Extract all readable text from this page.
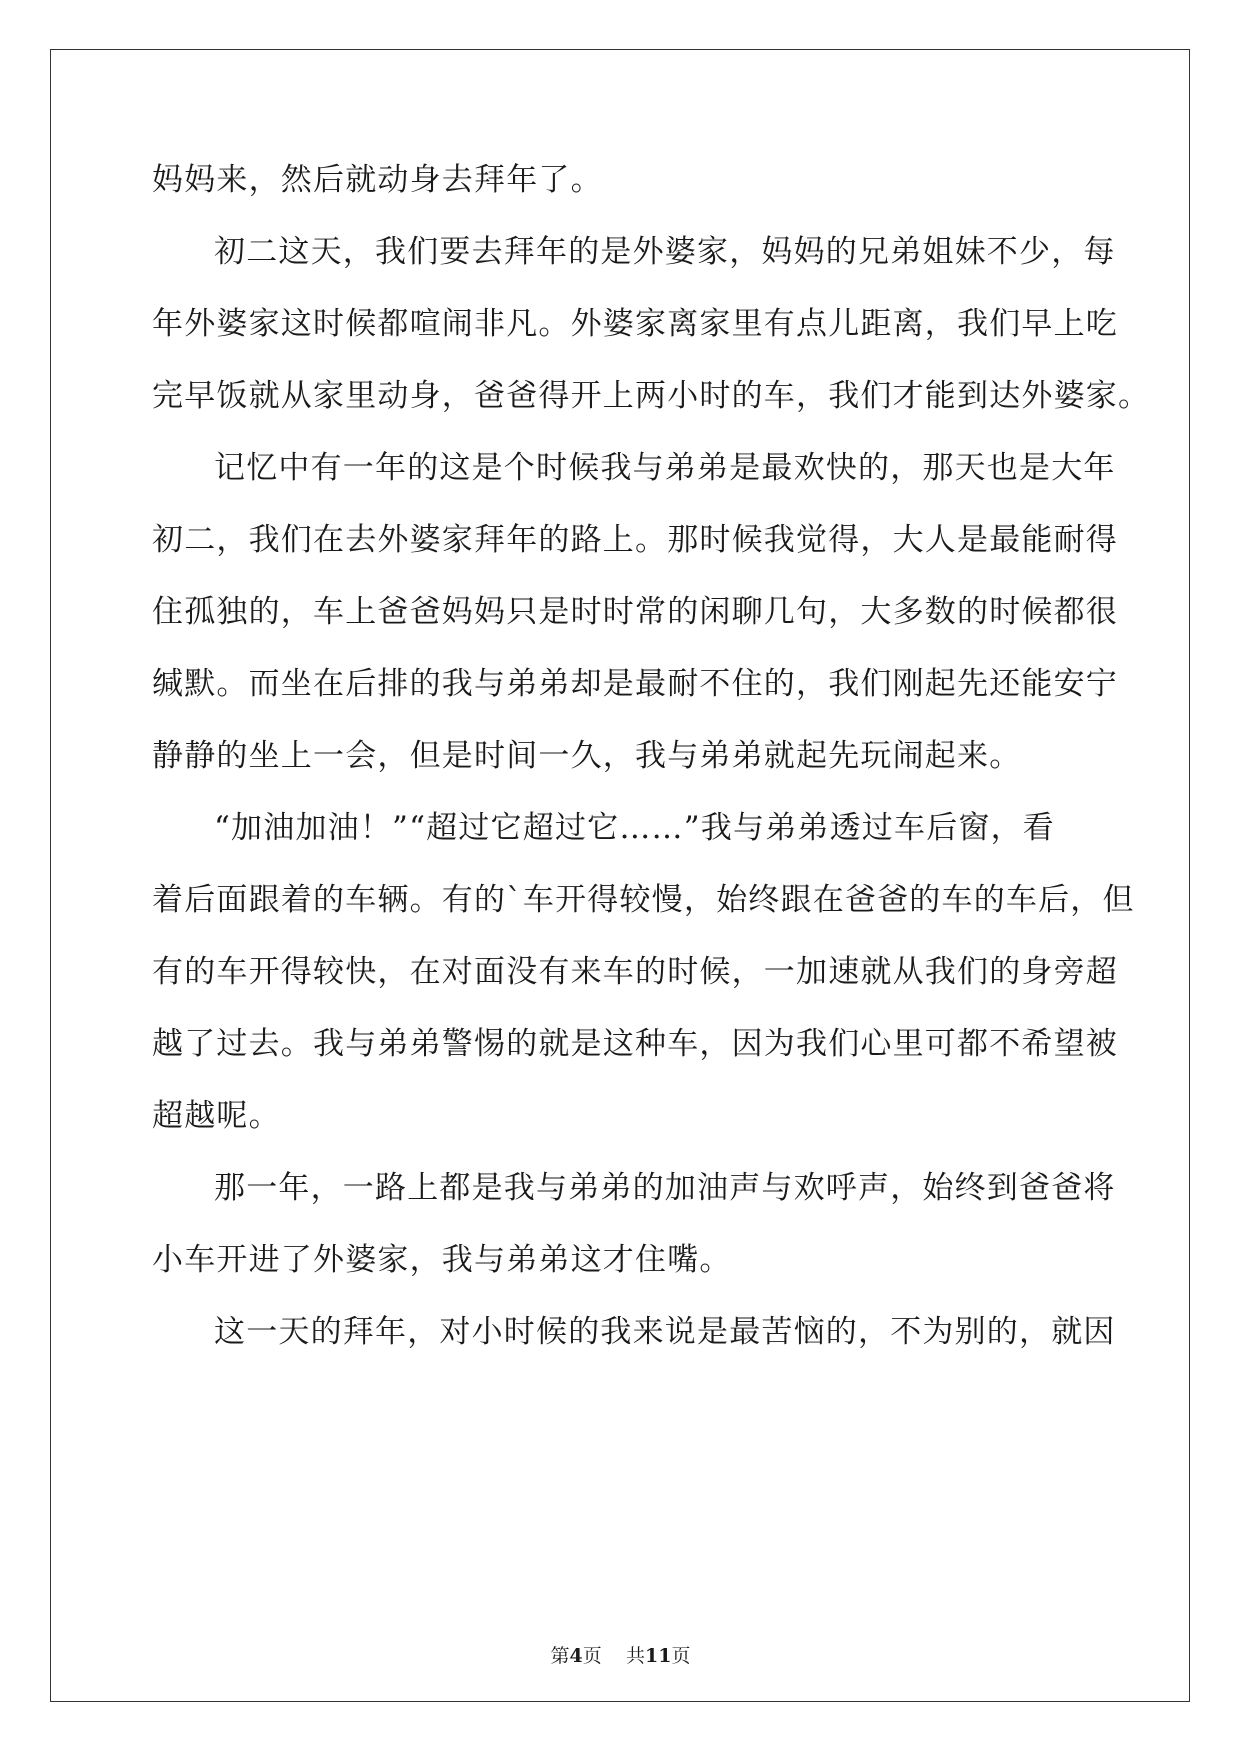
妈妈来，然后就动身去拜年了。
初二这天，我们要去拜年的是外婆家，妈妈的兄弟姐妹不少，每
年外婆家这时候都喧闹非凡。外婆家离家里有点儿距离，我们早上吃
完早饭就从家里动身，爸爸得开上两小时的车，我们才能到达外婆家。
记忆中有一年的这是个时候我与弟弟是最欢快的，那天也是大年
初二，我们在去外婆家拜年的路上。那时候我觉得，大人是最能耐得
住孤独的，车上爸爸妈妈只是时时常的闲聊几句，大多数的时候都很
缄默。而坐在后排的我与弟弟却是最耐不住的，我们刚起先还能安宁
静静的坐上一会，但是时间一久，我与弟弟就起先玩闹起来。
“加油加油！”“超过它超过它……”我与弟弟透过车后窗，看
着后面跟着的车辆。有的`车开得较慢，始终跟在爸爸的车的车后，但
有的车开得较快，在对面没有来车的时候，一加速就从我们的身旁超
越了过去。我与弟弟警惕的就是这种车，因为我们心里可都不希望被
超越呢。
那一年，一路上都是我与弟弟的加油声与欢呼声，始终到爸爸将
小车开进了外婆家，我与弟弟这才住嘴。
这一天的拜年，对小时候的我来说是最苦恼的，不为别的，就因
第4页 共11页
